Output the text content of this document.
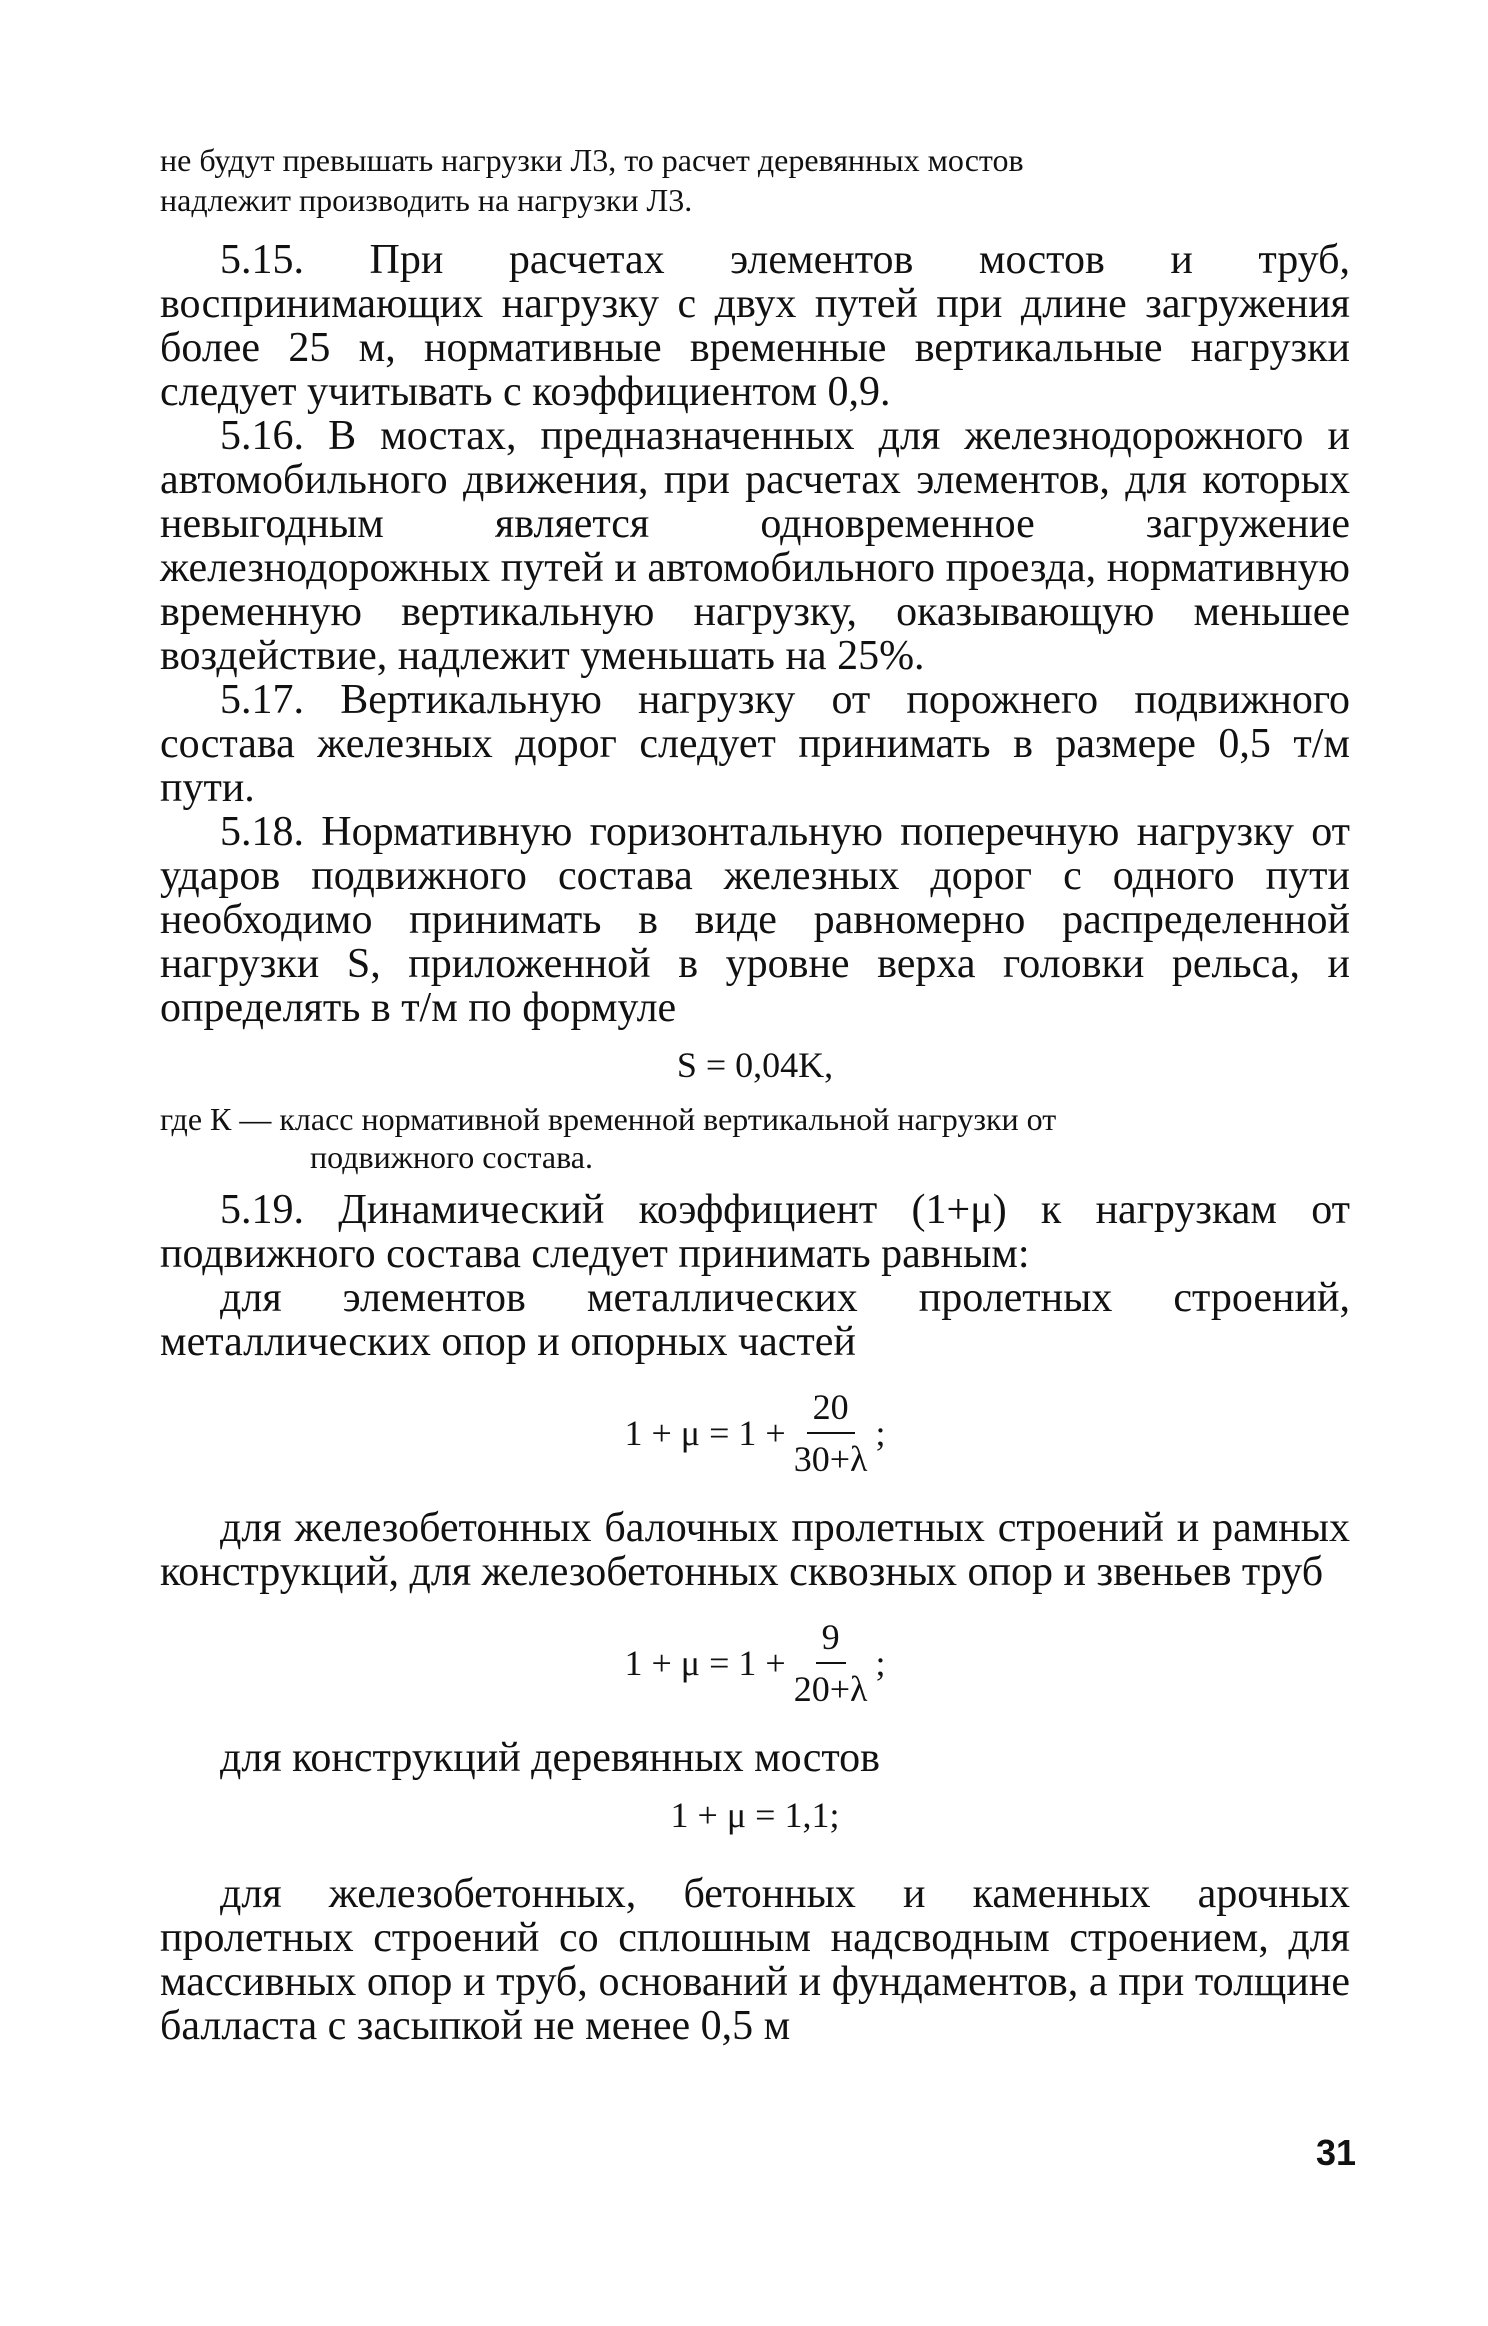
не будут превышать нагрузки Л3, то расчет деревянных мостов
надлежит производить на нагрузки Л3.

5.15. При расчетах элементов мостов и труб, воспринимающих нагрузку с двух путей при длине загружения более 25 м, нормативные временные вертикальные нагрузки следует учитывать с коэффициентом 0,9.

5.16. В мостах, предназначенных для железнодорожного и автомобильного движения, при расчетах элементов, для которых невыгодным является одновременное загружение железнодорожных путей и автомобильного проезда, нормативную временную вертикальную нагрузку, оказывающую меньшее воздействие, надлежит уменьшать на 25%.

5.17. Вертикальную нагрузку от порожнего подвижного состава железных дорог следует принимать в размере 0,5 т/м пути.

5.18. Нормативную горизонтальную поперечную нагрузку от ударов подвижного состава железных дорог с одного пути необходимо принимать в виде равномерно распределенной нагрузки S, приложенной в уровне верха головки рельса, и определять в т/м по формуле

S = 0,04K,
где К — класс нормативной временной вертикальной нагрузки от
подвижного состава.

5.19. Динамический коэффициент (1+μ) к нагрузкам от подвижного состава следует принимать равным:

для элементов металлических пролетных строений, металлических опор и опорных частей

$1 + \mu = 1 + \frac{20}{30+\lambda}$ ;

для железобетонных балочных пролетных строений и рамных конструкций, для железобетонных сквозных опор и звеньев труб

$1 + \mu = 1 + \frac{9}{20+\lambda}$ ;

для конструкций деревянных мостов

1 + μ = 1,1;

для железобетонных, бетонных и каменных арочных пролетных строений со сплошным надсводным строением, для массивных опор и труб, оснований и фундаментов, а при толщине балласта с засыпкой не менее 0,5 м

31
